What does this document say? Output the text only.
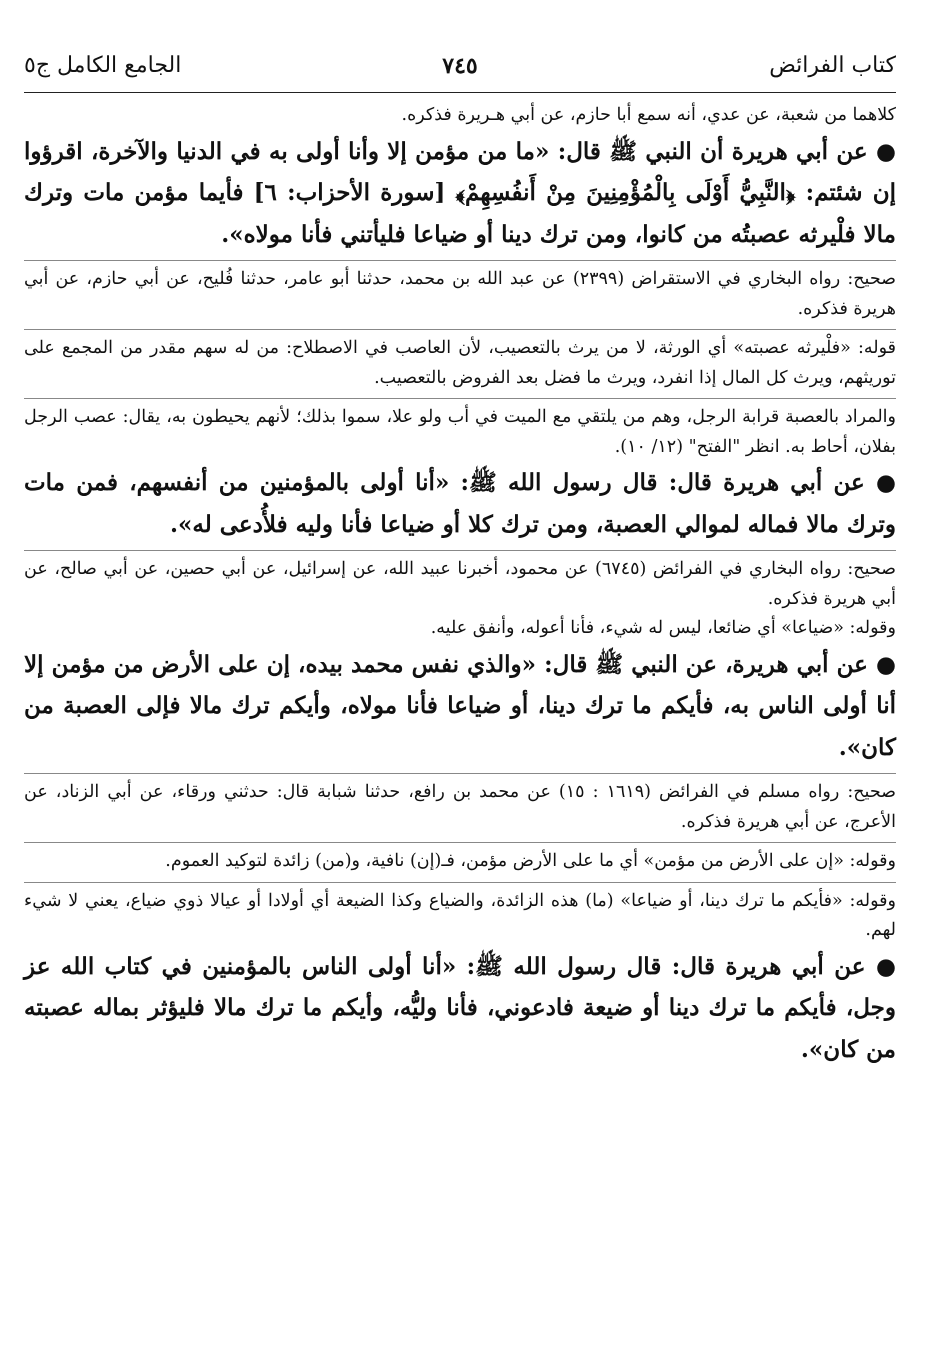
كتاب الفرائض
٧٤٥
الجامع الكامل ج٥
كلاهما من شعبة، عن عدي، أنه سمع أبا حازم، عن أبي هـريرة فذكره.
● عن أبي هريرة أن النبي ﷺ قال: «ما من مؤمن إلا وأنا أولى به في الدنيا والآخرة، اقرؤوا إن شئتم: ﴿النَّبِيُّ أَوْلَى بِالْمُؤْمِنِينَ مِنْ أَنفُسِهِمْ﴾ [سورة الأحزاب: ٦] فأيما مؤمن مات وترك مالا فلْيرثه عصبتُه من كانوا، ومن ترك دينا أو ضياعا فليأتني فأنا مولاه».
صحيح: رواه البخاري في الاستقراض (٢٣٩٩) عن عبد الله بن محمد، حدثنا أبو عامر، حدثنا فُليح، عن أبي حازم، عن أبي هريرة فذكره.
قوله: «فلْيرثه عصبته» أي الورثة، لا من يرث بالتعصيب، لأن العاصب في الاصطلاح: من له سهم مقدر من المجمع على توريثهم، ويرث كل المال إذا انفرد، ويرث ما فضل بعد الفروض بالتعصيب.
والمراد بالعصبة قرابة الرجل، وهم من يلتقي مع الميت في أب ولو علا، سموا بذلك؛ لأنهم يحيطون به، يقال: عصب الرجل بفلان، أحاط به. انظر "الفتح" (١٢/ ١٠).
● عن أبي هريرة قال: قال رسول الله ﷺ: «أنا أولى بالمؤمنين من أنفسهم، فمن مات وترك مالا فماله لموالي العصبة، ومن ترك كلا أو ضياعا فأنا وليه فلأُدعى له».
صحيح: رواه البخاري في الفرائض (٦٧٤٥) عن محمود، أخبرنا عبيد الله، عن إسرائيل، عن أبي حصين، عن أبي صالح، عن أبي هريرة فذكره.
وقوله: «ضياعا» أي ضائعا، ليس له شيء، فأنا أعوله، وأنفق عليه.
● عن أبي هريرة، عن النبي ﷺ قال: «والذي نفس محمد بيده، إن على الأرض من مؤمن إلا أنا أولى الناس به، فأيكم ما ترك دينا، أو ضياعا فأنا مولاه، وأيكم ترك مالا فإلى العصبة من كان».
صحيح: رواه مسلم في الفرائض (١٦١٩ : ١٥) عن محمد بن رافع، حدثنا شبابة قال: حدثني ورقاء، عن أبي الزناد، عن الأعرج، عن أبي هريرة فذكره.
وقوله: «إن على الأرض من مؤمن» أي ما على الأرض مؤمن، فـ(إن) نافية، و(من) زائدة لتوكيد العموم.
وقوله: «فأيكم ما ترك دينا، أو ضياعا» (ما) هذه الزائدة، والضياع وكذا الضيعة أي أولادا أو عيالا ذوي ضياع، يعني لا شيء لهم.
● عن أبي هريرة قال: قال رسول الله ﷺ: «أنا أولى الناس بالمؤمنين في كتاب الله عز وجل، فأيكم ما ترك دينا أو ضيعة فادعوني، فأنا وليُّه، وأيكم ما ترك مالا فليؤثر بماله عصبته من كان».
